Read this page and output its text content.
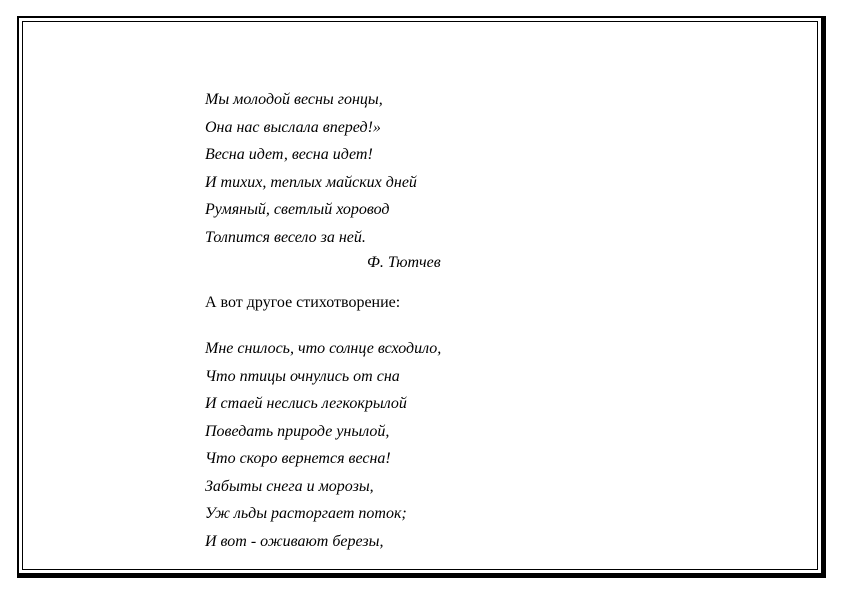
Мы молодой весны гонцы,
Она нас выслала вперед!»
Весна идет, весна идет!
И тихих, теплых майских дней
Румяный, светлый хоровод
Толпится весело за ней.
Ф. Тютчев
А вот другое стихотворение:
Мне снилось, что солнце всходило,
Что птицы очнулись от сна
И стаей неслись легкокрылой
Поведать природе унылой,
Что скоро вернется весна!
Забыты снега и морозы,
Уж льды расторгает поток;
И вот - оживают березы,
